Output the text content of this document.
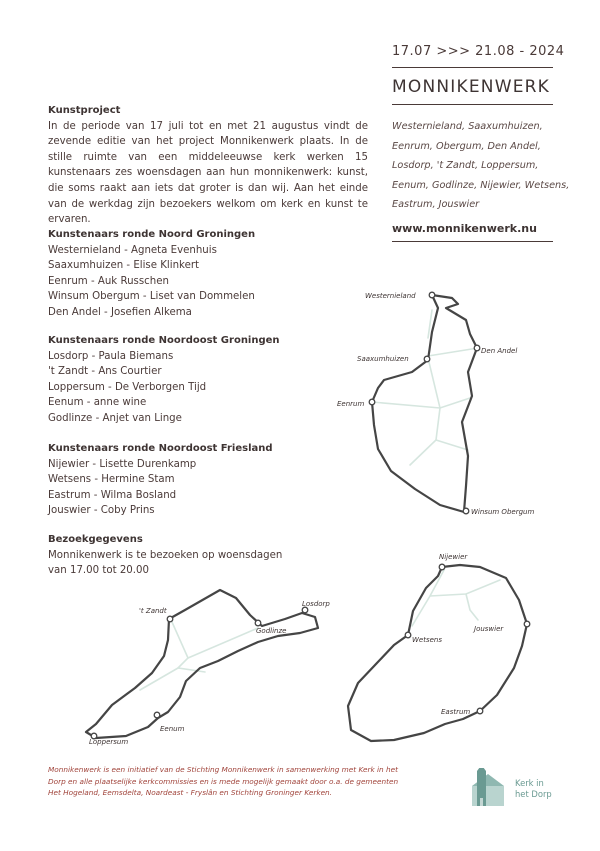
17.07 >>> 21.08 - 2024
MONNIKENWERK
Westernieland, Saaxumhuizen, Eenrum, Obergum, Den Andel, Losdorp, 't Zandt, Loppersum, Eenum, Godlinze, Nijewier, Wetsens, Eastrum, Jouswier
www.monnikenwerk.nu
Kunstproject
In de periode van 17 juli tot en met 21 augustus vindt de zevende editie van het project Monnikenwerk plaats. In de stille ruimte van een middeleeuwse kerk werken 15 kunstenaars zes woensdagen aan hun monnikenwerk: kunst, die soms raakt aan iets dat groter is dan wij. Aan het einde van de werkdag zijn bezoekers welkom om kerk en kunst te ervaren.
Kunstenaars ronde Noord Groningen
Westernieland - Agneta Evenhuis
Saaxumhuizen - Elise Klinkert
Eenrum - Auk Russchen
Winsum Obergum - Liset van Dommelen
Den Andel - Josefien Alkema
Kunstenaars ronde Noordoost Groningen
Losdorp - Paula Biemans
't Zandt - Ans Courtier
Loppersum - De Verborgen Tijd
Eenum - anne wine
Godlinze - Anjet van Linge
Kunstenaars ronde Noordoost Friesland
Nijewier - Lisette Durenkamp
Wetsens - Hermine Stam
Eastrum - Wilma Bosland
Jouswier - Coby Prins
Bezoekgegevens
Monnikenwerk is te bezoeken op woensdagen
van 17.00 tot 20.00
Westernieland
Saaxumhuizen
Den Andel
Eenrum
Winsum Obergum
't Zandt
Losdorp
Godlinze
Loppersum
Eenum
Nijewier
Wetsens
Jouswier
Eastrum
Monnikenwerk is een initiatief van de Stichting Monnikenwerk in samenwerking met Kerk in het
Dorp en alle plaatselijke kerkcommissies en is mede mogelijk gemaakt door o.a. de gemeenten
Het Hogeland, Eemsdelta, Noardeast - Fryslân en Stichting Groninger Kerken.
Kerk in
het Dorp
